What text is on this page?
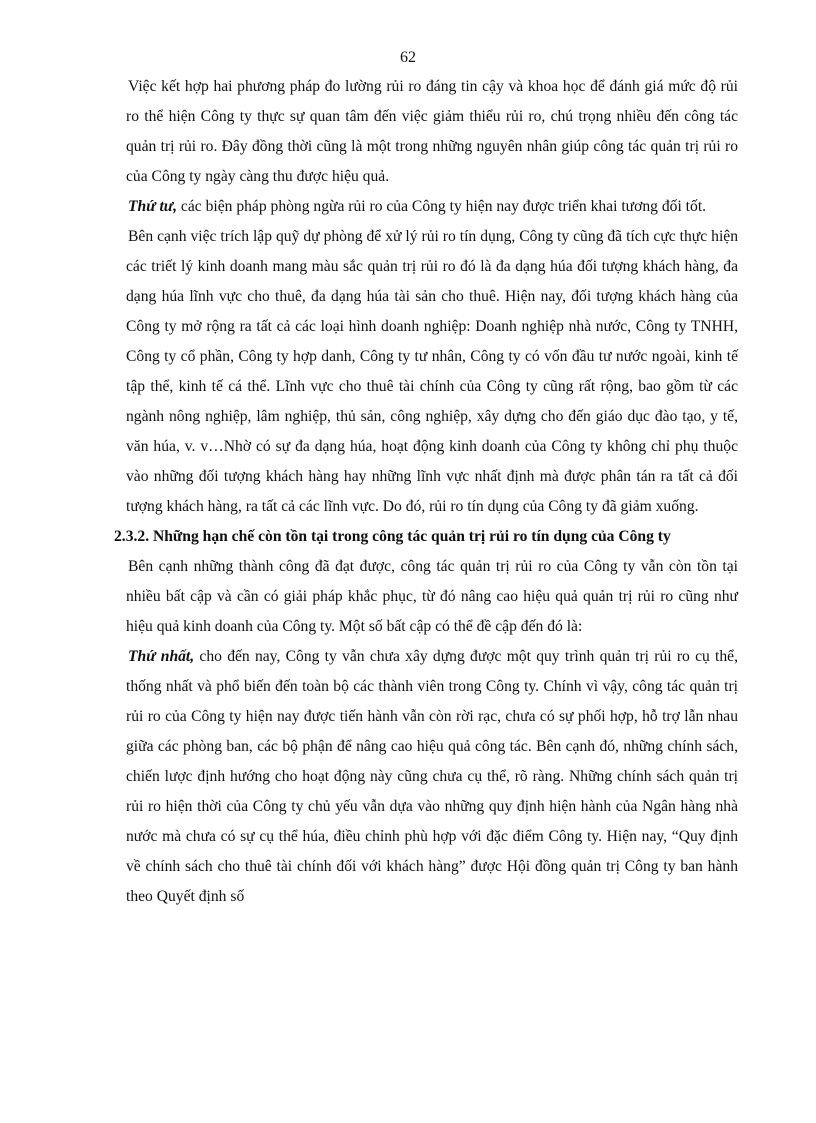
62

Việc kết hợp hai phương pháp đo lường rủi ro đáng tin cậy và khoa học để đánh giá mức độ rủi ro thể hiện Công ty thực sự quan tâm đến việc giảm thiểu rủi ro, chú trọng nhiều đến công tác quản trị rủi ro. Đây đồng thời cũng là một trong những nguyên nhân giúp công tác quản trị rủi ro của Công ty ngày càng thu được hiệu quả.

Thứ tư, các biện pháp phòng ngừa rủi ro của Công ty hiện nay được triển khai tương đối tốt.

Bên cạnh việc trích lập quỹ dự phòng để xử lý rủi ro tín dụng, Công ty cũng đã tích cực thực hiện các triết lý kinh doanh mang màu sắc quản trị rủi ro đó là đa dạng húa đối tượng khách hàng, đa dạng húa lĩnh vực cho thuê, đa dạng húa tài sản cho thuê. Hiện nay, đối tượng khách hàng của Công ty mở rộng ra tất cả các loại hình doanh nghiệp: Doanh nghiệp nhà nước, Công ty TNHH, Công ty cổ phần, Công ty hợp danh, Công ty tư nhân, Công ty có vốn đầu tư nước ngoài, kinh tế tập thể, kinh tế cá thể. Lĩnh vực cho thuê tài chính của Công ty cũng rất rộng, bao gồm từ các ngành nông nghiệp, lâm nghiệp, thủ sản, công nghiệp, xây dựng cho đến giáo dục đào tạo, y tế, văn húa, v. v…Nhờ có sự đa dạng húa, hoạt động kinh doanh của Công ty không chỉ phụ thuộc vào những đối tượng khách hàng hay những lĩnh vực nhất định mà được phân tán ra tất cả đối tượng khách hàng, ra tất cả các lĩnh vực. Do đó, rủi ro tín dụng của Công ty đã giảm xuống.

2.3.2. Những hạn chế còn tồn tại trong công tác quản trị rủi ro tín dụng của Công ty

Bên cạnh những thành công đã đạt được, công tác quản trị rủi ro của Công ty vẫn còn tồn tại nhiều bất cập và cần có giải pháp khắc phục, từ đó nâng cao hiệu quả quản trị rủi ro cũng như hiệu quả kinh doanh của Công ty. Một số bất cập có thể đề cập đến đó là:

Thứ nhất, cho đến nay, Công ty vẫn chưa xây dựng được một quy trình quản trị rủi ro cụ thể, thống nhất và phổ biến đến toàn bộ các thành viên trong Công ty. Chính vì vậy, công tác quản trị rủi ro của Công ty hiện nay được tiến hành vẫn còn rời rạc, chưa có sự phối hợp, hỗ trợ lẫn nhau giữa các phòng ban, các bộ phận để nâng cao hiệu quả công tác. Bên cạnh đó, những chính sách, chiến lược định hướng cho hoạt động này cũng chưa cụ thể, rõ ràng. Những chính sách quản trị rủi ro hiện thời của Công ty chủ yếu vẫn dựa vào những quy định hiện hành của Ngân hàng nhà nước mà chưa có sự cụ thể húa, điều chỉnh phù hợp với đặc điểm Công ty. Hiện nay, “Quy định về chính sách cho thuê tài chính đối với khách hàng” được Hội đồng quản trị Công ty ban hành theo Quyết định số
